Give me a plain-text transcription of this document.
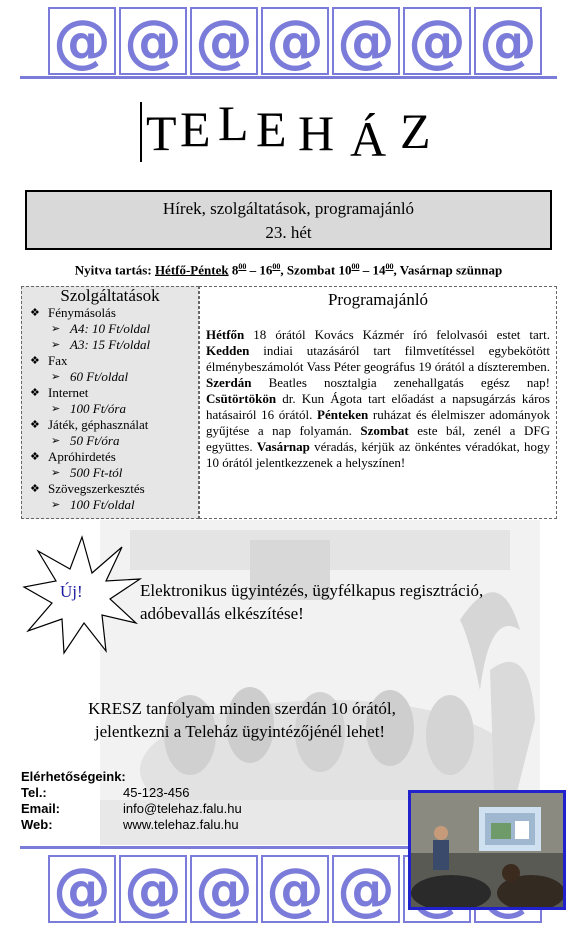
@ @ @ @ @ @ @
T E L E H Á Z
Hírek, szolgáltatások, programajánló
23. hét
Nyitva tartás: Hétfő-Péntek $8^{00} - 16^{00}$, Szombat $10^{00} - 14^{00}$, Vasárnap szünnap
Szolgáltatások
❖ Fénymásolás
➢ A4: 10 Ft/oldal
➢ A3: 15 Ft/oldal
❖ Fax
➢ 60 Ft/oldal
❖ Internet
➢ 100 Ft/óra
❖ Játék, géphasználat
➢ 50 Ft/óra
❖ Apróhirdetés
➢ 500 Ft-tól
❖ Szövegszerkesztés
➢ 100 Ft/oldal
Programajánló

Hétfőn 18 órától Kovács Kázmér író felolvasói estet tart. Kedden indiai utazásáról tart filmvetítéssel egybekötött élménybeszámolót Vass Péter geográfus 19 órától a díszteremben. Szerdán Beatles nosztalgia zenehallgatás egész nap! Csütörtökön dr. Kun Ágota tart előadást a napsugárzás káros hatásairól 16 órától. Pénteken ruházat és élelmiszer adományok gyűjtése a nap folyamán. Szombat este bál, zenél a DFG együttes. Vasárnap véradás, kérjük az önkéntes véradókat, hogy 10 órától jelentkezzenek a helyszínen!

Új!	Elektronikus ügyintézés, ügyfélkapus regisztráció,
adóbevallás elkészítése!
KRESZ tanfolyam minden szerdán 10 órától,
jelentkezni a Teleház ügyintézőjénél lehet!
Elérhetőségeink:
Tel.:	45-123-456
Email:	info@telehaz.falu.hu
Web:	www.telehaz.falu.hu
@ @ @ @ @
